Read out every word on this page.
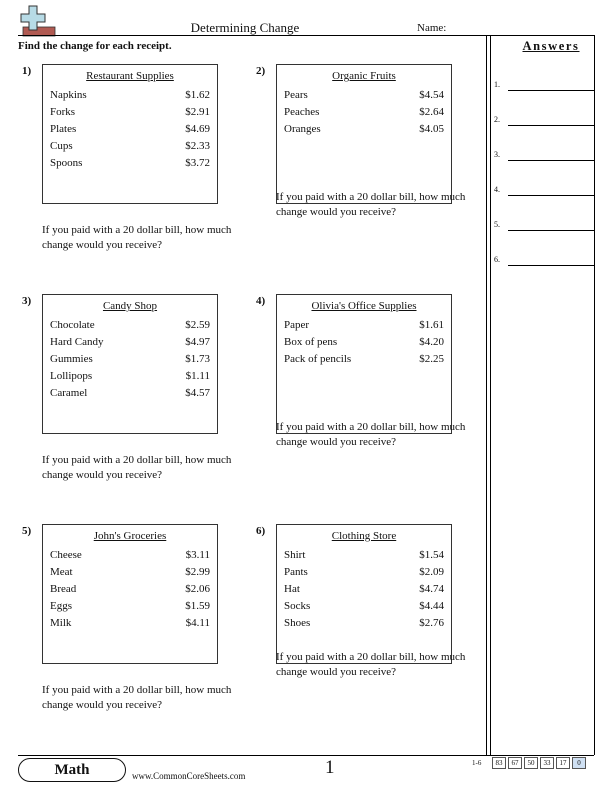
Determining Change	Name:
Find the change for each receipt.	Answers
1.
2.
3.
4.
5.
6.
1)	Restaurant Supplies
Napkins	$1.62
Forks	$2.91
Plates	$4.69
Cups	$2.33
Spoons	$3.72
If you paid with a 20 dollar bill, how much change would you receive?
2)	Organic Fruits
Pears	$4.54
Peaches	$2.64
Oranges	$4.05
If you paid with a 20 dollar bill, how much change would you receive?
3)	Candy Shop
Chocolate	$2.59
Hard Candy	$4.97
Gummies	$1.73
Lollipops	$1.11
Caramel	$4.57
If you paid with a 20 dollar bill, how much change would you receive?
4)	Olivia's Office Supplies
Paper	$1.61
Box of pens	$4.20
Pack of pencils	$2.25
If you paid with a 20 dollar bill, how much change would you receive?
5)	John's Groceries
Cheese	$3.11
Meat	$2.99
Bread	$2.06
Eggs	$1.59
Milk	$4.11
If you paid with a 20 dollar bill, how much change would you receive?
6)	Clothing Store
Shirt	$1.54
Pants	$2.09
Hat	$4.74
Socks	$4.44
Shoes	$2.76
If you paid with a 20 dollar bill, how much change would you receive?
Math	www.CommonCoreSheets.com	1	1-6	83	67	50	33	17	0
